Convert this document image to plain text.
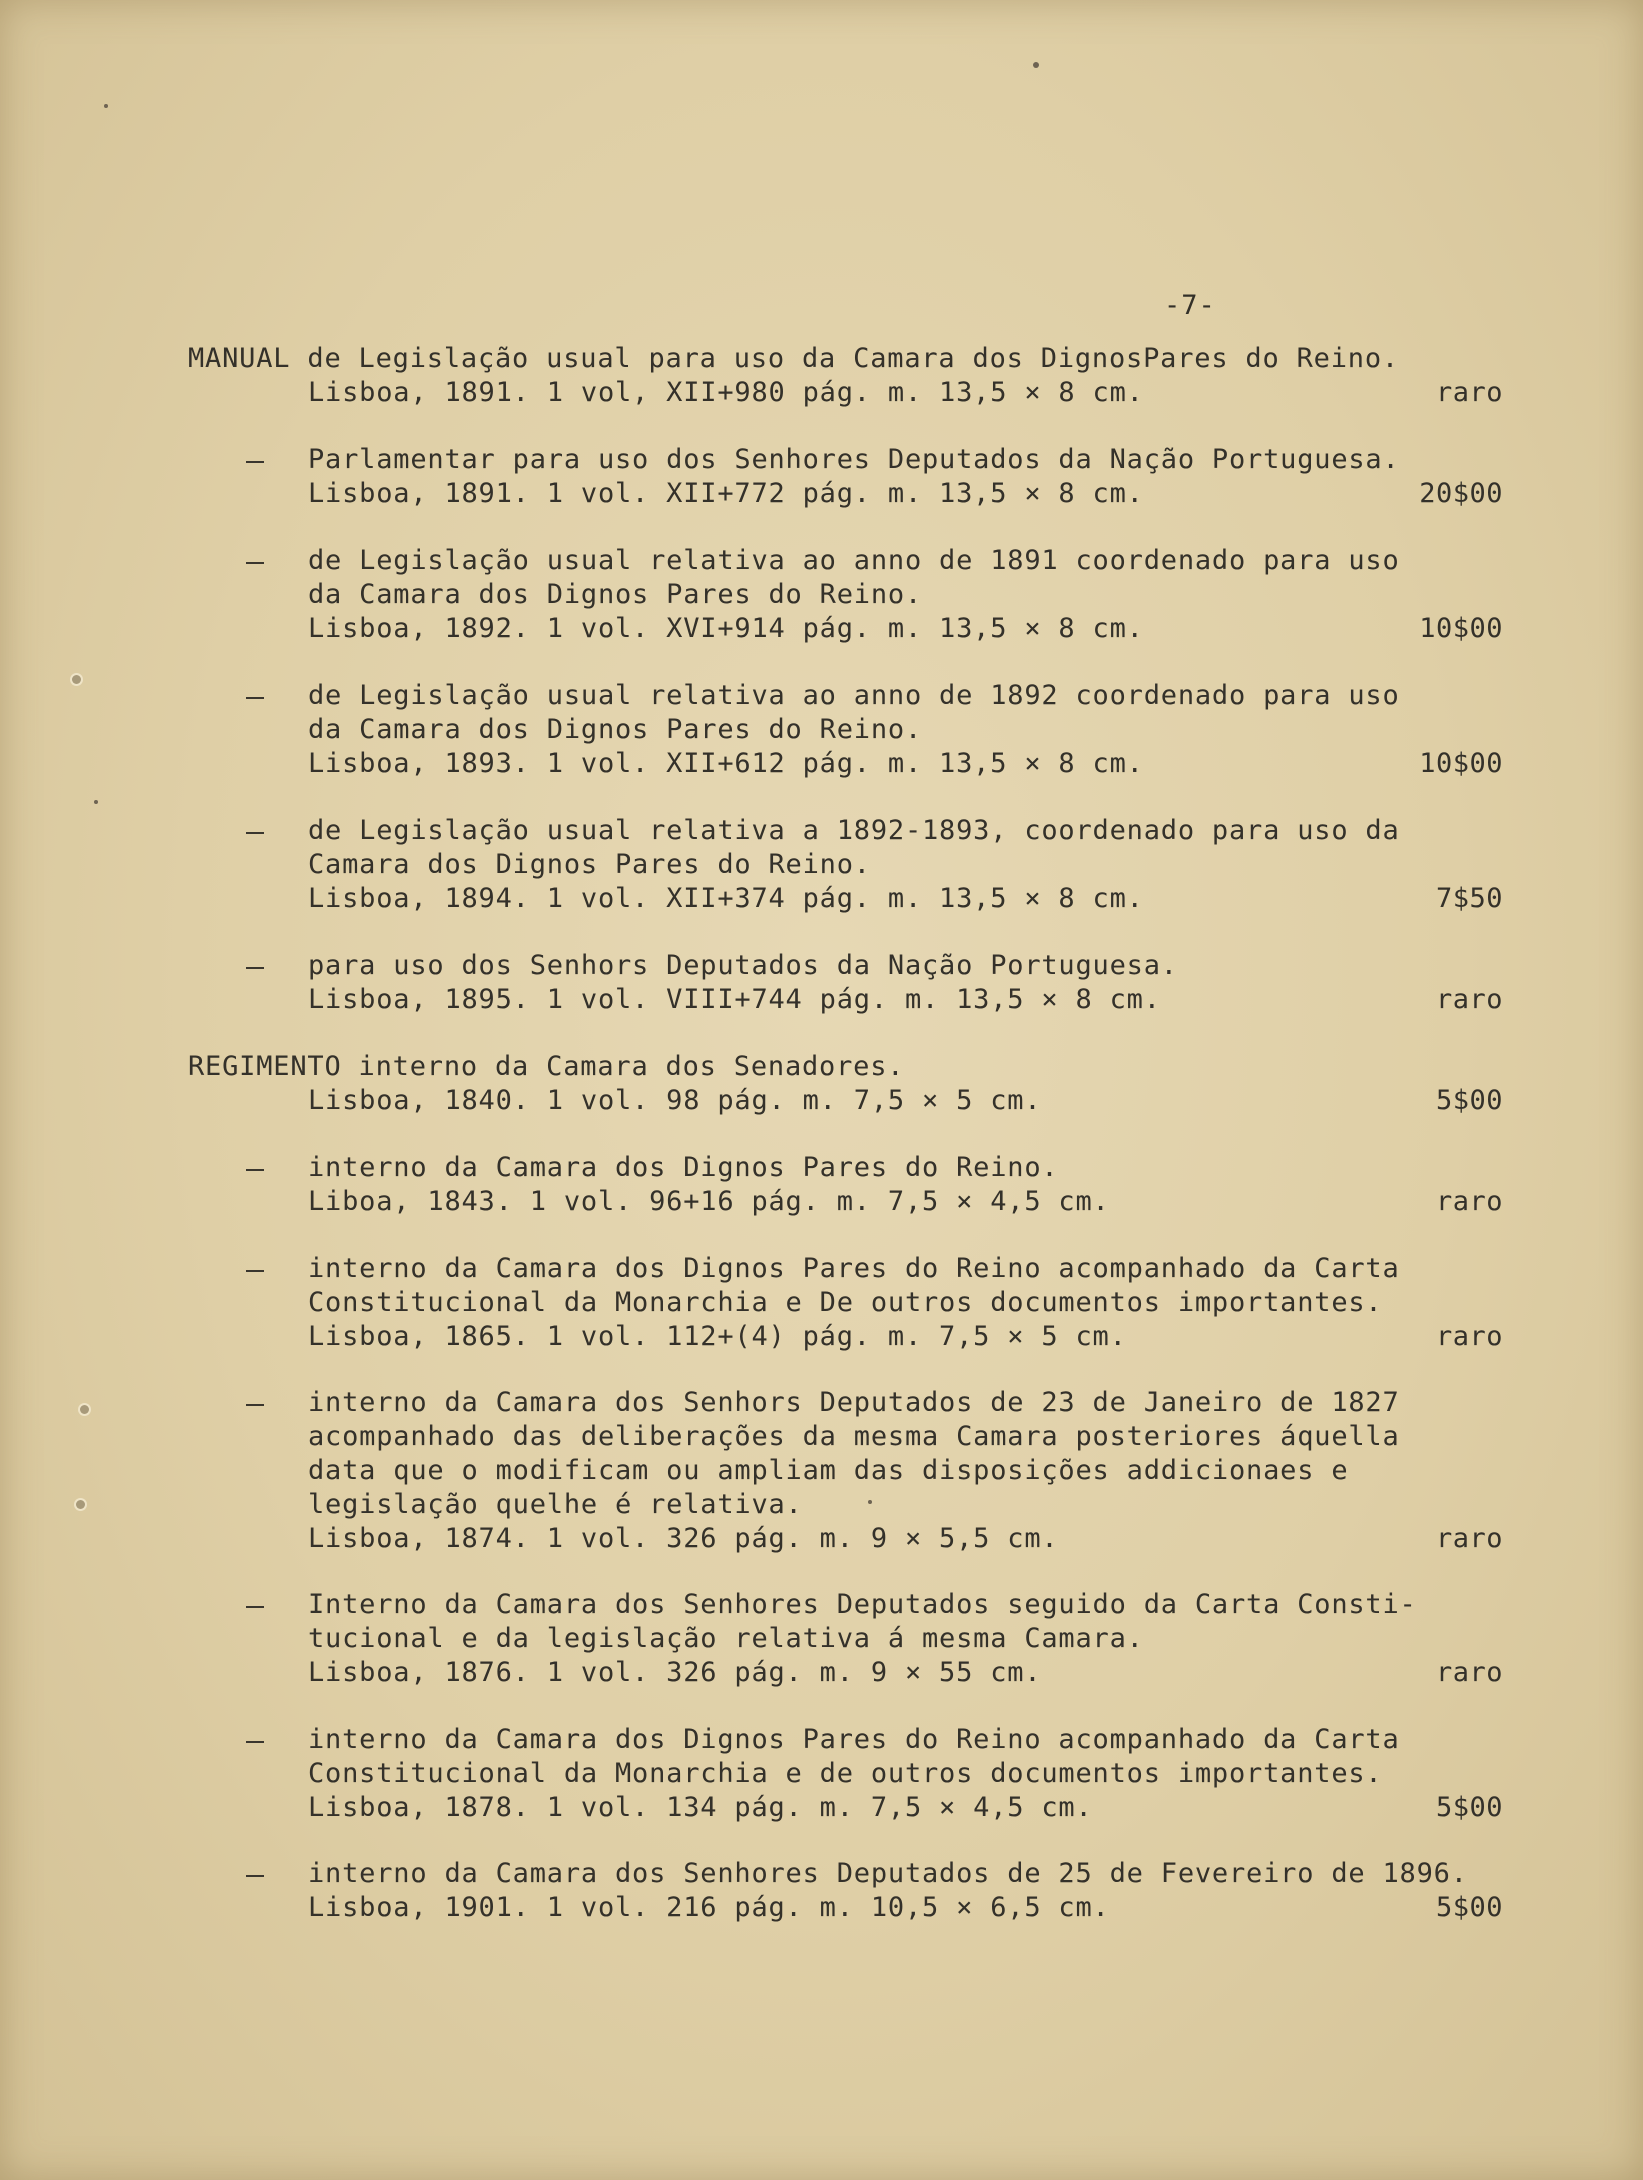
-7-
MANUAL de Legislação usual para uso da Camara dos DignosPares do Reino.
Lisboa, 1891. 1 vol, XII+980 pág. m. 13,5 × 8 cm.	raro
Parlamentar para uso dos Senhores Deputados da Nação Portuguesa.
Lisboa, 1891. 1 vol. XII+772 pág. m. 13,5 × 8 cm.	20$00
de Legislação usual relativa ao anno de 1891 coordenado para uso
da Camara dos Dignos Pares do Reino.
Lisboa, 1892. 1 vol. XVI+914 pág. m. 13,5 × 8 cm.	10$00
de Legislação usual relativa ao anno de 1892 coordenado para uso
da Camara dos Dignos Pares do Reino.
Lisboa, 1893. 1 vol. XII+612 pág. m. 13,5 × 8 cm.	10$00
de Legislação usual relativa a 1892-1893, coordenado para uso da
Camara dos Dignos Pares do Reino.
Lisboa, 1894. 1 vol. XII+374 pág. m. 13,5 × 8 cm.	7$50
para uso dos Senhors Deputados da Nação Portuguesa.
Lisboa, 1895. 1 vol. VIII+744 pág. m. 13,5 × 8 cm.	raro
REGIMENTO interno da Camara dos Senadores.
Lisboa, 1840. 1 vol. 98 pág. m. 7,5 × 5 cm.	5$00
interno da Camara dos Dignos Pares do Reino.
Liboa, 1843. 1 vol. 96+16 pág. m. 7,5 × 4,5 cm.	raro
interno da Camara dos Dignos Pares do Reino acompanhado da Carta
Constitucional da Monarchia e De outros documentos importantes.
Lisboa, 1865. 1 vol. 112+(4) pág. m. 7,5 × 5 cm.	raro
interno da Camara dos Senhors Deputados de 23 de Janeiro de 1827
acompanhado das deliberações da mesma Camara posteriores áquella
data que o modificam ou ampliam das disposições addicionaes e
legislação quelhe é relativa.
Lisboa, 1874. 1 vol. 326 pág. m. 9 × 5,5 cm.	raro
Interno da Camara dos Senhores Deputados seguido da Carta Consti-
tucional e da legislação relativa á mesma Camara.
Lisboa, 1876. 1 vol. 326 pág. m. 9 × 55 cm.	raro
interno da Camara dos Dignos Pares do Reino acompanhado da Carta
Constitucional da Monarchia e de outros documentos importantes.
Lisboa, 1878. 1 vol. 134 pág. m. 7,5 × 4,5 cm.	5$00
interno da Camara dos Senhores Deputados de 25 de Fevereiro de 1896.
Lisboa, 1901. 1 vol. 216 pág. m. 10,5 × 6,5 cm.	5$00
